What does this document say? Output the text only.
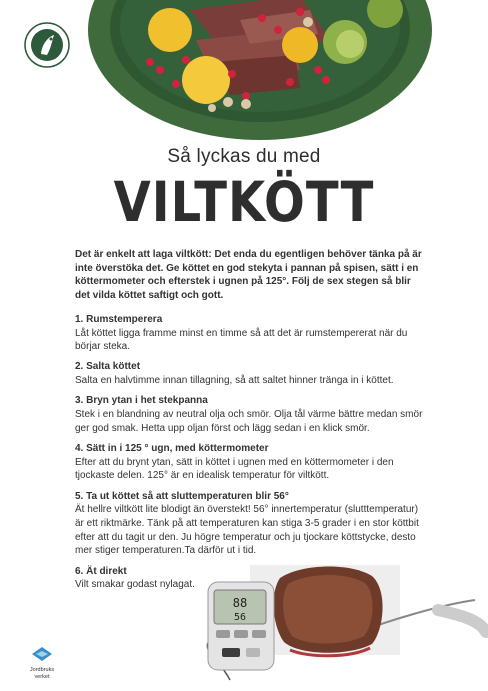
Så lyckas du med
VILTKÖTT

Det är enkelt att laga viltkött: Det enda du egentligen behöver tänka på är inte överstöka det. Ge köttet en god stekyta i pannan på spisen, sätt i en köttermometer och efterstek i ugnen på 125°. Följ de sex stegen så blir det vilda köttet saftigt och gott.

1. Rumstemperera
Låt köttet ligga framme minst en timme så att det är rumstempererat när du börjar steka.
2. Salta köttet
Salta en halvtimme innan tillagning, så att saltet hinner tränga in i köttet.
3. Bryn ytan i het stekpanna
Stek i en blandning av neutral olja och smör. Olja tål värme bättre medan smör ger god smak. Hetta upp oljan först och lägg sedan i en klick smör.
4. Sätt in i 125 ° ugn, med köttermometer
Efter att du brynt ytan, sätt in köttet i ugnen med en köttermometer i den tjockaste delen. 125° är en idealisk temperatur för viltkött.
5. Ta ut köttet så att sluttemperaturen blir 56°
Ät hellre viltkött lite blodigt än överstekt! 56° innertemperatur (slutttemperatur) är ett riktmärke. Tänk på att temperaturen kan stiga 3-5 grader i en stor köttbit efter att du tagit ur den. Ju högre temperatur och ju tjockare köttstycke, desto mer stiger temperaturen.Ta därför ut i tid.
6. Ät direkt
Vilt smakar godast nylagat.
88
56
Jordbruks
verket
